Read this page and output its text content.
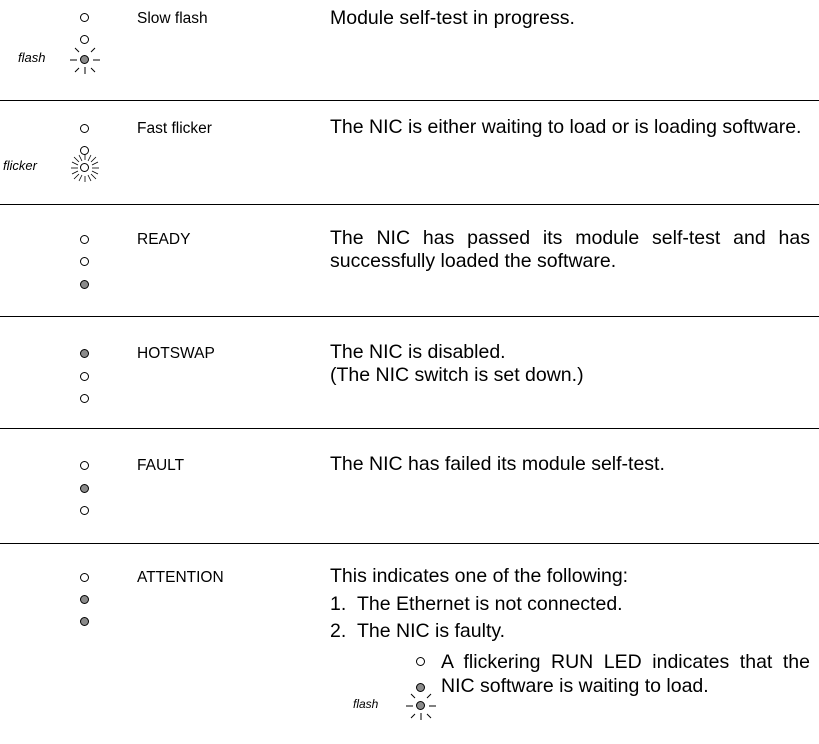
flash
Slow flash	Module self-test in progress.
flicker
Fast flicker	The NIC is either waiting to load or is loading software.
READY	The NIC has passed its module self-test and has successfully loaded the software.
HOTSWAP	The NIC is disabled.
(The NIC switch is set down.)
FAULT	The NIC has failed its module self-test.
ATTENTION	This indicates one of the following:
1. The Ethernet is not connected.
2. The NIC is faulty.
flash
A flickering RUN LED indicates that the NIC software is waiting to load.
